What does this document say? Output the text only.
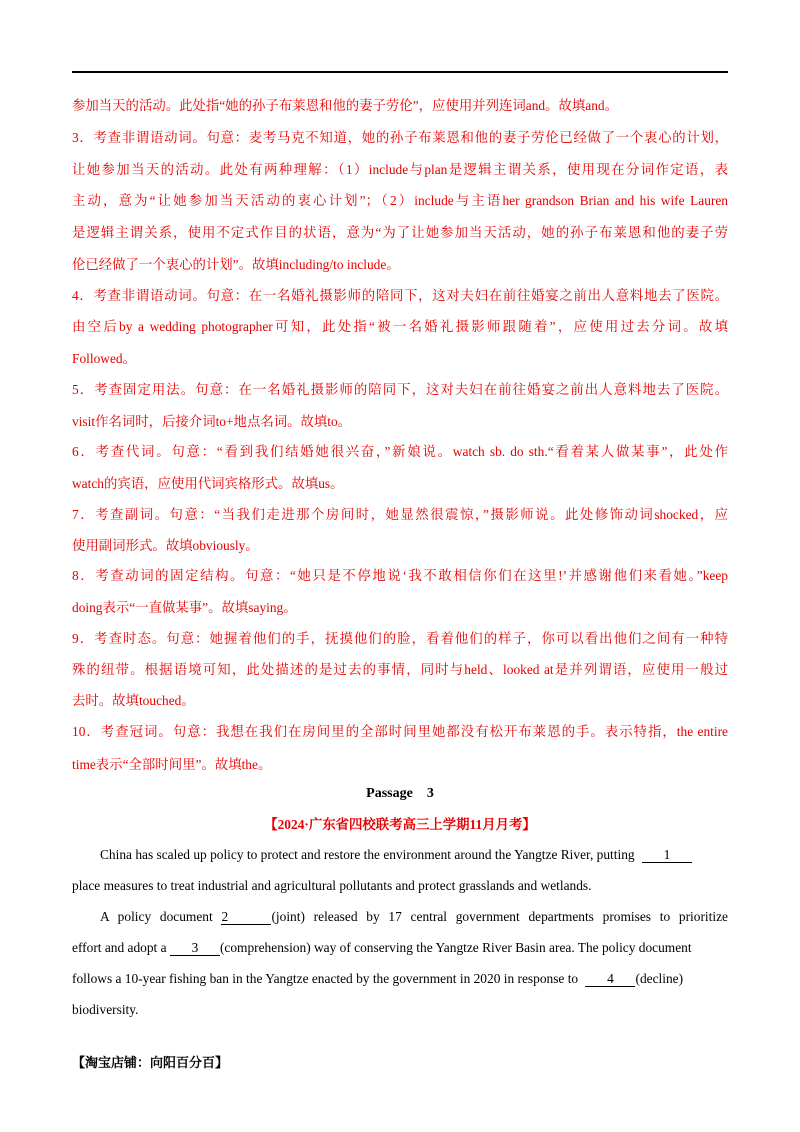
参加当天的活动。此处指“她的孙子布莱恩和他的妻子劳伦”，应使用并列连词and。故填and。
3．考查非谓语动词。句意：麦考马克不知道，她的孙子布莱恩和他的妻子劳伦已经做了一个衷心的计划，
让她参加当天的活动。此处有两种理解：（1）include与plan是逻辑主谓关系，使用现在分词作定语，表
主动，意为“让她参加当天活动的衷心计划”；（2）include与主语her grandson Brian and his wife Lauren
是逻辑主谓关系，使用不定式作目的状语，意为“为了让她参加当天活动，她的孙子布莱恩和他的妻子劳
伦已经做了一个衷心的计划”。故填including/to include。
4．考查非谓语动词。句意：在一名婚礼摄影师的陪同下，这对夫妇在前往婚宴之前出人意料地去了医院。
由空后by a wedding photographer可知，此处指“被一名婚礼摄影师跟随着”，应使用过去分词。故填
Followed。
5．考查固定用法。句意：在一名婚礼摄影师的陪同下，这对夫妇在前往婚宴之前出人意料地去了医院。
visit作名词时，后接介词to+地点名词。故填to。
6．考查代词。句意：“看到我们结婚她很兴奋，”新娘说。watch sb. do sth.“看着某人做某事”，此处作
watch的宾语，应使用代词宾格形式。故填us。
7．考查副词。句意：“当我们走进那个房间时，她显然很震惊，”摄影师说。此处修饰动词shocked，应
使用副词形式。故填obviously。
8．考查动词的固定结构。句意：“她只是不停地说‘我不敢相信你们在这里!’并感谢他们来看她。”keep
doing表示“一直做某事”。故填saying。
9．考查时态。句意：她握着他们的手，抚摸他们的脸，看着他们的样子，你可以看出他们之间有一种特
殊的纽带。根据语境可知，此处描述的是过去的事情，同时与held、looked at是并列谓语，应使用一般过
去时。故填touched。
10．考查冠词。句意：我想在我们在房间里的全部时间里她都没有松开布莱恩的手。表示特指，the entire
time表示“全部时间里”。故填the。
Passage　3
【2024·广东省四校联考高三上学期11月月考】
China has scaled up policy to protect and restore the environment around the Yangtze River, putting 1
place measures to treat industrial and agricultural pollutants and protect grasslands and wetlands.
A policy document 2	(joint) released by 17 central government departments promises to prioritize
effort and adopt a 3 (comprehension) way of conserving the Yangtze River Basin area. The policy document
follows a 10-year fishing ban in the Yangtze enacted by the government in 2020 in response to 4 (decline)
biodiversity.
【淘宝店铺：向阳百分百】
